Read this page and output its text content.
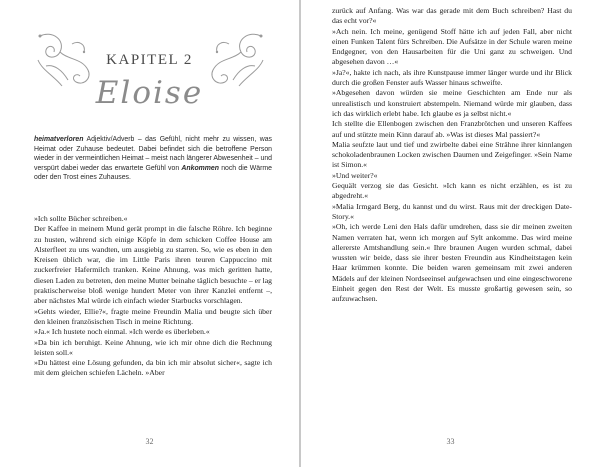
KAPITEL 2
Eloise
heimatverloren Adjektiv/Adverb – das Gefühl, nicht mehr zu wissen, was Heimat oder Zuhause bedeutet. Dabei befindet sich die betroffene Person wieder in der vermeintlichen Heimat – meist nach längerer Abwesenheit – und verspürt dabei weder das erwartete Gefühl von Ankommen noch die Wärme oder den Trost eines Zuhauses.

»Ich sollte Bücher schreiben.«

Der Kaffee in meinem Mund gerät prompt in die falsche Röhre. Ich beginne zu husten, während sich einige Köpfe in dem schicken Coffee House am Alsterfleet zu uns wandten, um ausgiebig zu starren. So, wie es eben in den Kreisen üblich war, die im Little Paris ihren teuren Cappuccino mit zuckerfreier Hafermilch tranken. Keine Ahnung, was mich geritten hatte, diesen Laden zu betreten, den meine Mutter beinahe täglich besuchte – er lag praktischerweise bloß wenige hundert Meter von ihrer Kanzlei entfernt –, aber nächstes Mal würde ich einfach wieder Starbucks vorschlagen.

»Gehts wieder, Ellie?«, fragte meine Freundin Malia und beugte sich über den kleinen französischen Tisch in meine Richtung.

»Ja.« Ich hustete noch einmal. »Ich werde es überleben.«

»Da bin ich beruhigt. Keine Ahnung, wie ich mir ohne dich die Rechnung leisten soll.«

»Du hättest eine Lösung gefunden, da bin ich mir absolut sicher«, sagte ich mit dem gleichen schiefen Lächeln. »Aber

32

zurück auf Anfang. Was war das gerade mit dem Buch schreiben? Hast du das echt vor?«

»Ach nein. Ich meine, genügend Stoff hätte ich auf jeden Fall, aber nicht einen Funken Talent fürs Schreiben. Die Aufsätze in der Schule waren meine Endgegner, von den Hausarbeiten für die Uni ganz zu schweigen. Und abgesehen davon …«

»Ja?«, hakte ich nach, als ihre Kunstpause immer länger wurde und ihr Blick durch die großen Fenster aufs Wasser hinaus schweifte.

»Abgesehen davon würden sie meine Geschichten am Ende nur als unrealistisch und konstruiert abstempeln. Niemand würde mir glauben, dass ich das wirklich erlebt habe. Ich glaube es ja selbst nicht.«

Ich stellte die Ellenbogen zwischen den Franzbrötchen und unseren Kaffees auf und stützte mein Kinn darauf ab. »Was ist dieses Mal passiert?«

Malia seufzte laut und tief und zwirbelte dabei eine Strähne ihrer kinnlangen schokoladenbraunen Locken zwischen Daumen und Zeigefinger. »Sein Name ist Simon.«

»Und weiter?«

Gequält verzog sie das Gesicht. »Ich kann es nicht erzählen, es ist zu abgedreht.«

»Malia Irmgard Berg, du kannst und du wirst. Raus mit der dreckigen Date-Story.«

»Oh, ich werde Leni den Hals dafür umdrehen, dass sie dir meinen zweiten Namen verraten hat, wenn ich morgen auf Sylt ankomme. Das wird meine allererste Amtshandlung sein.« Ihre braunen Augen wurden schmal, dabei wussten wir beide, dass sie ihrer besten Freundin aus Kindheitstagen kein Haar krümmen konnte. Die beiden waren gemeinsam mit zwei anderen Mädels auf der kleinen Nordseeinsel aufgewachsen und eine eingeschworene Einheit gegen den Rest der Welt. Es musste großartig gewesen sein, so aufzuwachsen.

33
